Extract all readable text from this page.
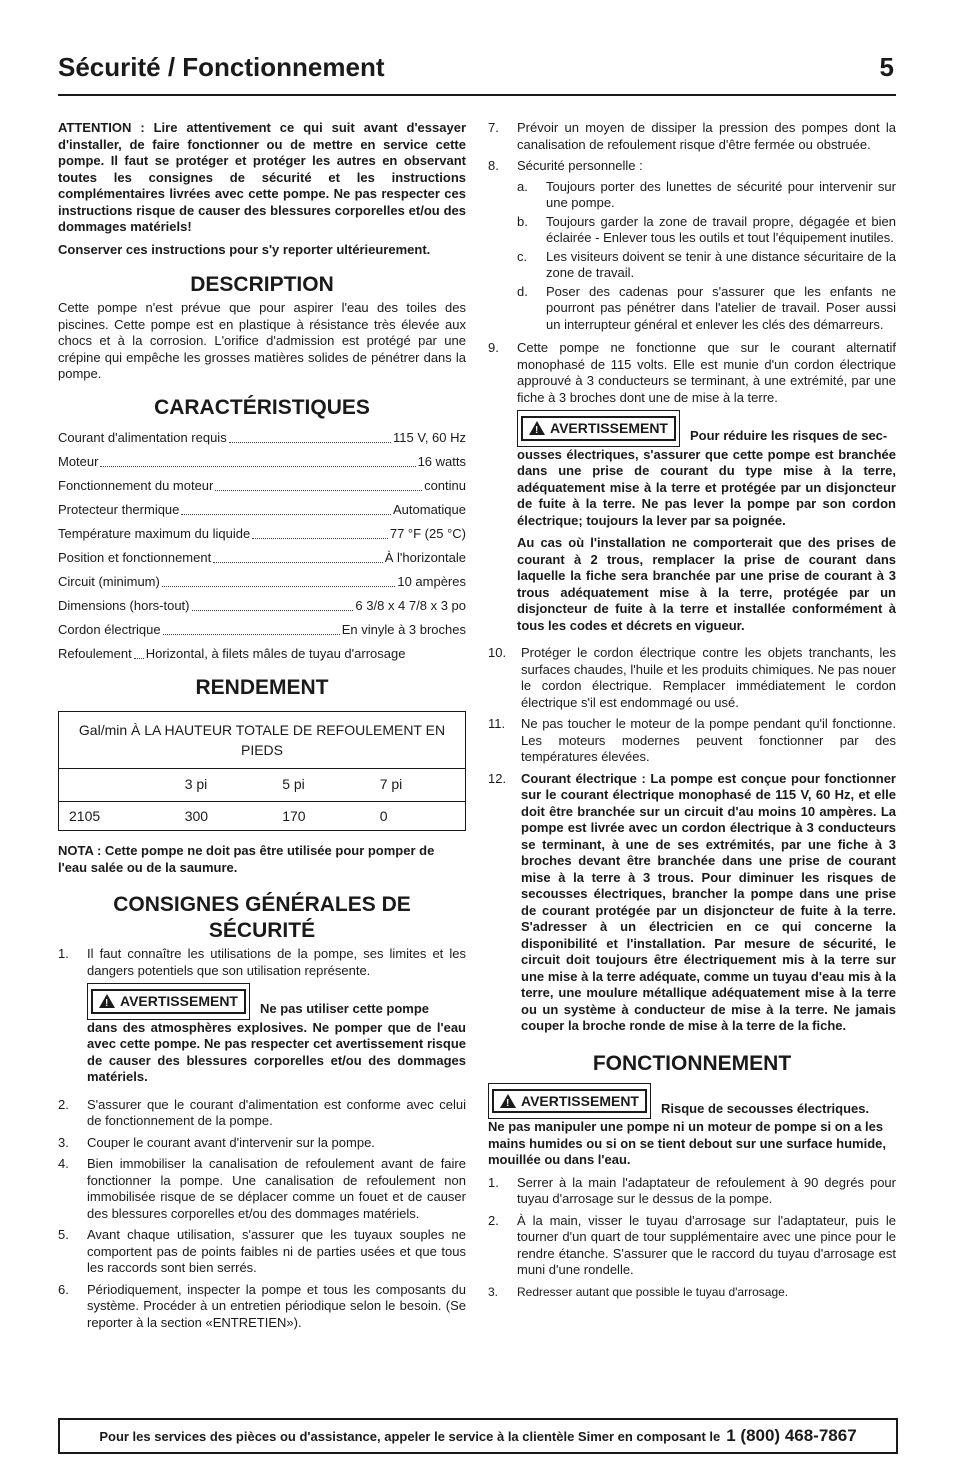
Sécurité / Fonctionnement	5

ATTENTION : Lire attentivement ce qui suit avant d'essayer d'installer, de faire fonctionner ou de mettre en service cette pompe. Il faut se protéger et protéger les autres en observant toutes les consignes de sécurité et les instructions complémentaires livrées avec cette pompe. Ne pas respecter ces instructions risque de causer des blessures corporelles et/ou des dommages matériels!

Conserver ces instructions pour s'y reporter ultérieurement.

DESCRIPTION

Cette pompe n'est prévue que pour aspirer l'eau des toiles des piscines. Cette pompe est en plastique à résistance très élevée aux chocs et à la corrosion. L'orifice d'admission est protégé par une crépine qui empêche les grosses matières solides de pénétrer dans la pompe.

CARACTÉRISTIQUES
Courant d'alimentation requis	115 V, 60 Hz
Moteur	16 watts
Fonctionnement du moteur	continu
Protecteur thermique	Automatique
Température maximum du liquide	77 °F (25 °C)
Position et fonctionnement	À l'horizontale
Circuit (minimum)	10 ampères
Dimensions (hors-tout)	6 3/8 x 4 7/8 x 3 po
Cordon électrique	En vinyle à 3 broches
Refoulement Horizontal, à filets mâles de tuyau d'arrosage
RENDEMENT
Gal/min À LA HAUTEUR TOTALE DE REFOULEMENT EN PIEDS			
	3 pi	5 pi	7 pi
2105	300	170	0

NOTA : Cette pompe ne doit pas être utilisée pour pomper de l'eau salée ou de la saumure.

CONSIGNES GÉNÉRALES DE SÉCURITÉ
1.	Il faut connaître les utilisations de la pompe, ses limites et les dangers potentiels que son utilisation représente.
!
AVERTISSEMENT Ne pas utiliser cette pompe
dans des atmosphères explosives. Ne pomper que de l'eau avec cette pompe. Ne pas respecter cet avertissement risque de causer des blessures corporelles et/ou des dommages matériels.
2.	S'assurer que le courant d'alimentation est conforme avec celui de fonctionnement de la pompe.
3.	Couper le courant avant d'intervenir sur la pompe.
4.	Bien immobiliser la canalisation de refoulement avant de faire fonctionner la pompe. Une canalisation de refoulement non immobilisée risque de se déplacer comme un fouet et de causer des blessures corporelles et/ou des dommages matériels.
5.	Avant chaque utilisation, s'assurer que les tuyaux souples ne comportent pas de points faibles ni de parties usées et que tous les raccords sont bien serrés.
6.	Périodiquement, inspecter la pompe et tous les composants du système. Procéder à un entretien périodique selon le besoin. (Se reporter à la section «ENTRETIEN»).
7.	Prévoir un moyen de dissiper la pression des pompes dont la canalisation de refoulement risque d'être fermée ou obstruée.
8.	Sécurité personnelle :
a.	Toujours porter des lunettes de sécurité pour intervenir sur une pompe.
b.	Toujours garder la zone de travail propre, dégagée et bien éclairée - Enlever tous les outils et tout l'équipement inutiles.
c.	Les visiteurs doivent se tenir à une distance sécuritaire de la zone de travail.
d.	Poser des cadenas pour s'assurer que les enfants ne pourront pas pénétrer dans l'atelier de travail. Poser aussi un interrupteur général et enlever les clés des démarreurs.
9.	Cette pompe ne fonctionne que sur le courant alternatif monophasé de 115 volts. Elle est munie d'un cordon électrique approuvé à 3 conducteurs se terminant, à une extrémité, par une fiche à 3 broches dont une de mise à la terre.
!
AVERTISSEMENT Pour réduire les risques de sec-
ousses électriques, s'assurer que cette pompe est branchée dans une prise de courant du type mise à la terre, adéquatement mise à la terre et protégée par un disjoncteur de fuite à la terre. Ne pas lever la pompe par son cordon électrique; toujours la lever par sa poignée.
Au cas où l'installation ne comporterait que des prises de courant à 2 trous, remplacer la prise de courant dans laquelle la fiche sera branchée par une prise de courant à 3 trous adéquatement mise à la terre, protégée par un disjoncteur de fuite à la terre et installée conformément à tous les codes et décrets en vigueur.
10.	Protéger le cordon électrique contre les objets tranchants, les surfaces chaudes, l'huile et les produits chimiques. Ne pas nouer le cordon électrique. Remplacer immédiatement le cordon électrique s'il est endommagé ou usé.
11.	Ne pas toucher le moteur de la pompe pendant qu'il fonctionne. Les moteurs modernes peuvent fonctionner par des températures élevées.
12.	Courant électrique : La pompe est conçue pour fonctionner sur le courant électrique monophasé de 115 V, 60 Hz, et elle doit être branchée sur un circuit d'au moins 10 ampères. La pompe est livrée avec un cordon électrique à 3 conducteurs se terminant, à une de ses extrémités, par une fiche à 3 broches devant être branchée dans une prise de courant mise à la terre à 3 trous. Pour diminuer les risques de secousses électriques, brancher la pompe dans une prise de courant protégée par un disjoncteur de fuite à la terre. S'adresser à un électricien en ce qui concerne la disponibilité et l'installation. Par mesure de sécurité, le circuit doit toujours être électriquement mis à la terre sur une mise à la terre adéquate, comme un tuyau d'eau mis à la terre, une moulure métallique adéquatement mise à la terre ou un système à conducteur de mise à la terre. Ne jamais couper la broche ronde de mise à la terre de la fiche.
FONCTIONNEMENT
!
AVERTISSEMENT Risque de secousses électriques.
Ne pas manipuler une pompe ni un moteur de pompe si on a les mains humides ou si on se tient debout sur une surface humide, mouillée ou dans l'eau.
1.	Serrer à la main l'adaptateur de refoulement à 90 degrés pour tuyau d'arrosage sur le dessus de la pompe.
2.	À la main, visser le tuyau d'arrosage sur l'adaptateur, puis le tourner d'un quart de tour supplémentaire avec une pince pour le rendre étanche. S'assurer que le raccord du tuyau d'arrosage est muni d'une rondelle.
3.	Redresser autant que possible le tuyau d'arrosage.
Pour les services des pièces ou d'assistance, appeler le service à la clientèle Simer en composant le 1 (800) 468-7867
